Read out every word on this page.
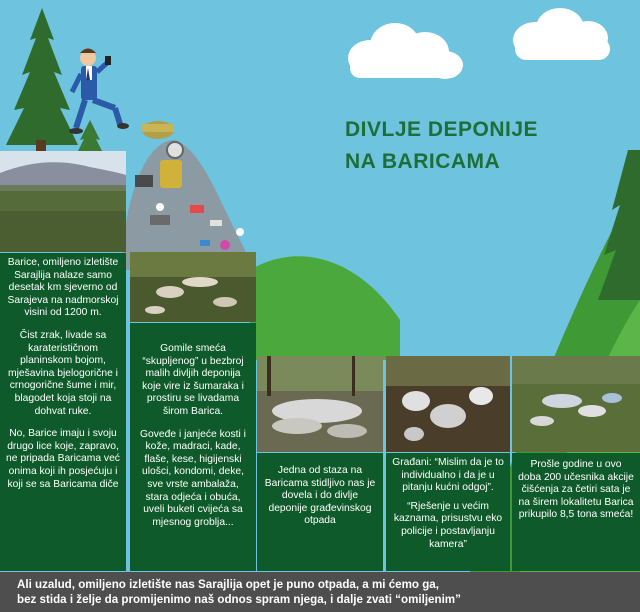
DIVLJE DEPONIJE
NA BARICAMA

Barice, omiljeno izletište Sarajlija nalaze samo desetak km sjeverno od Sarajeva na nadmorskoj visini od 1200 m.

Čist zrak, livade sa karaterističnom planinskom bojom, mješavina bjelogorične i crnogorične šume i mir, blagodet koja stoji na dohvat ruke.

No, Barice imaju i svoju drugo lice koje, zapravo, ne pripada Baricama već onima koji ih posjećuju i koji se sa Baricama diče

Gomile smeća “skupljenog” u bezbroj malih divljih deponija koje vire iz šumaraka i prostiru se livadama širom Barica.

Goveđe i janjeće kosti i kože, madraci, kade, flaše, kese, higijenski ulošci, kondomi, deke, sve vrste ambalaža, stara odjeća i obuća, uveli buketi cvijeća sa mjesnog groblja...

Jedna od staza na Baricama stidljivo nas je dovela i do divlje deponije građevinskog otpada

Građani: “Mislim da je to individualno i da je u pitanju kućni odgoj”.

“Rješenje u većim kaznama, prisustvu eko policije i postavljanju kamera”

Prošle godine u ovo doba 200 učesnika akcije čišćenja za četiri sata je na širem lokalitetu Barica prikupilo 8,5 tona smeća!

Ali uzalud, omiljeno izletište nas Sarajlija opet je puno otpada, a mi ćemo ga,
bez stida i želje da promijenimo naš odnos spram njega, i dalje zvati “omiljenim”
